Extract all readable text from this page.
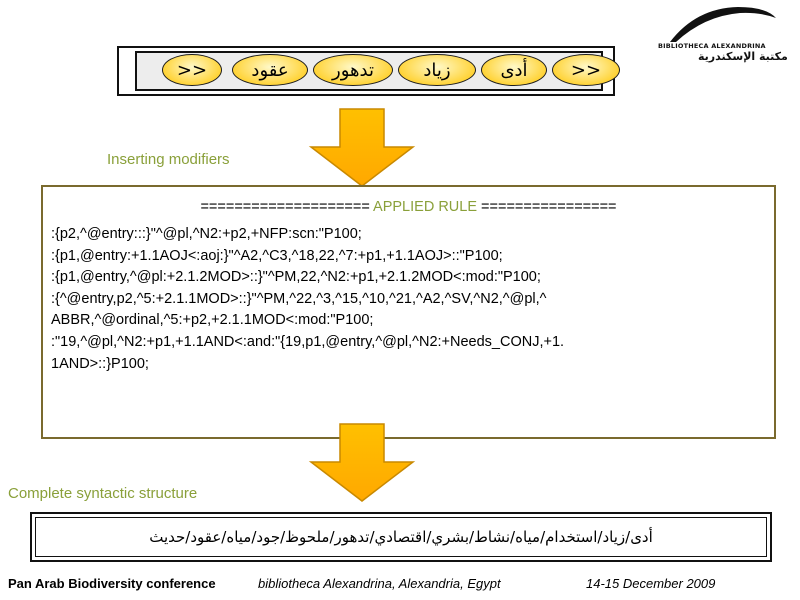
BIBLIOTHECA ALEXANDRINA
مكتبة الإسكندرية
>>	عقود	تدهور	زياد	أدى	>>
Inserting modifiers
==================== APPLIED RULE ================
:{p2,^@entry:::}"^@pl,^N2:+p2,+NFP:scn:"P100;
:{p1,@entry:+1.1AOJ<:aoj:}"^A2,^C3,^18,22,^7:+p1,+1.1AOJ>::"P100;
:{p1,@entry,^@pl:+2.1.2MOD>::}"^PM,22,^N2:+p1,+2.1.2MOD<:mod:"P100;
:{^@entry,p2,^5:+2.1.1MOD>::}"^PM,^22,^3,^15,^10,^21,^A2,^SV,^N2,^@pl,^
ABBR,^@ordinal,^5:+p2,+2.1.1MOD<:mod:"P100;
:"19,^@pl,^N2:+p1,+1.1AND<:and:"{19,p1,@entry,^@pl,^N2:+Needs_CONJ,+1.
1AND>::}P100;
Complete syntactic structure
أدى/زياد/استخدام/مياه/نشاط/بشري/اقتصادي/تدهور/ملحوظ/جود/مياه/عقود/حديث
Pan Arab Biodiversity conference	bibliotheca Alexandrina, Alexandria, Egypt	14-15 December 2009
